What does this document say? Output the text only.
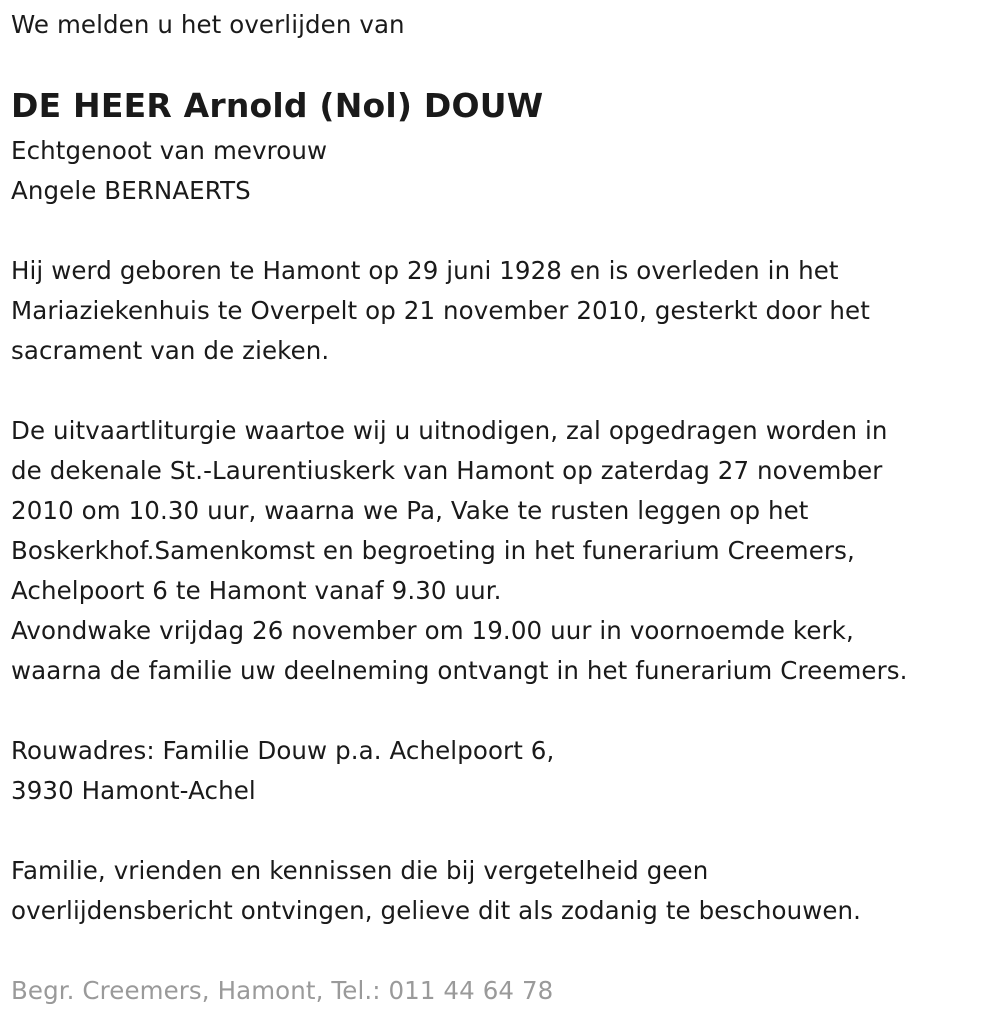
We melden u het overlijden van
DE HEER Arnold (Nol) DOUW
Echtgenoot van mevrouw
Angele BERNAERTS
Hij werd geboren te Hamont op 29 juni 1928 en is overleden in het
Mariaziekenhuis te Overpelt op 21 november 2010, gesterkt door het
sacrament van de zieken.
De uitvaartliturgie waartoe wij u uitnodigen, zal opgedragen worden in
de dekenale St.-Laurentiuskerk van Hamont op zaterdag 27 november
2010 om 10.30 uur, waarna we Pa, Vake te rusten leggen op het
Boskerkhof.Samenkomst en begroeting in het funerarium Creemers,
Achelpoort 6 te Hamont vanaf 9.30 uur.
Avondwake vrijdag 26 november om 19.00 uur in voornoemde kerk,
waarna de familie uw deelneming ontvangt in het funerarium Creemers.
Rouwadres: Familie Douw p.a. Achelpoort 6,
3930 Hamont-Achel
Familie, vrienden en kennissen die bij vergetelheid geen
overlijdensbericht ontvingen, gelieve dit als zodanig te beschouwen.
Begr. Creemers, Hamont, Tel.: 011 44 64 78
